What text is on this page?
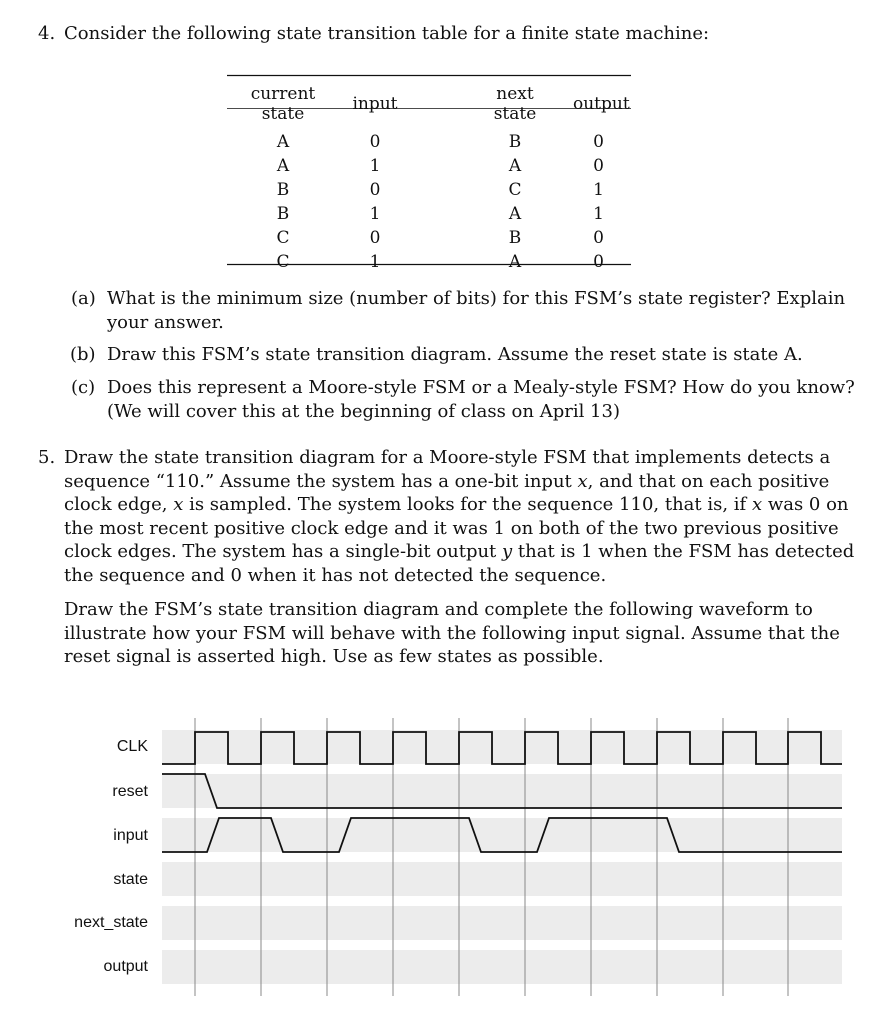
4. Consider the following state transition table for a finite state machine:
current state	input		next state	output
A	0		B	0
A	1		A	0
B	0		C	1
B	1		A	1
C	0		B	0
C	1		A	0
(a) What is the minimum size (number of bits) for this FSM’s state register? Explain
your answer.
(b) Draw this FSM’s state transition diagram. Assume the reset state is state A.
(c) Does this represent a Moore-style FSM or a Mealy-style FSM? How do you know?
(We will cover this at the beginning of class on April 13)
5. Draw the state transition diagram for a Moore-style FSM that implements detects a
sequence “110.” Assume the system has a one-bit input x, and that on each positive
clock edge, x is sampled. The system looks for the sequence 110, that is, if x was 0 on
the most recent positive clock edge and it was 1 on both of the two previous positive
clock edges. The system has a single-bit output y that is 1 when the FSM has detected
the sequence and 0 when it has not detected the sequence.
Draw the FSM’s state transition diagram and complete the following waveform to
illustrate how your FSM will behave with the following input signal. Assume that the
reset signal is asserted high. Use as few states as possible.
CLK
reset
input
state
next_state
output
